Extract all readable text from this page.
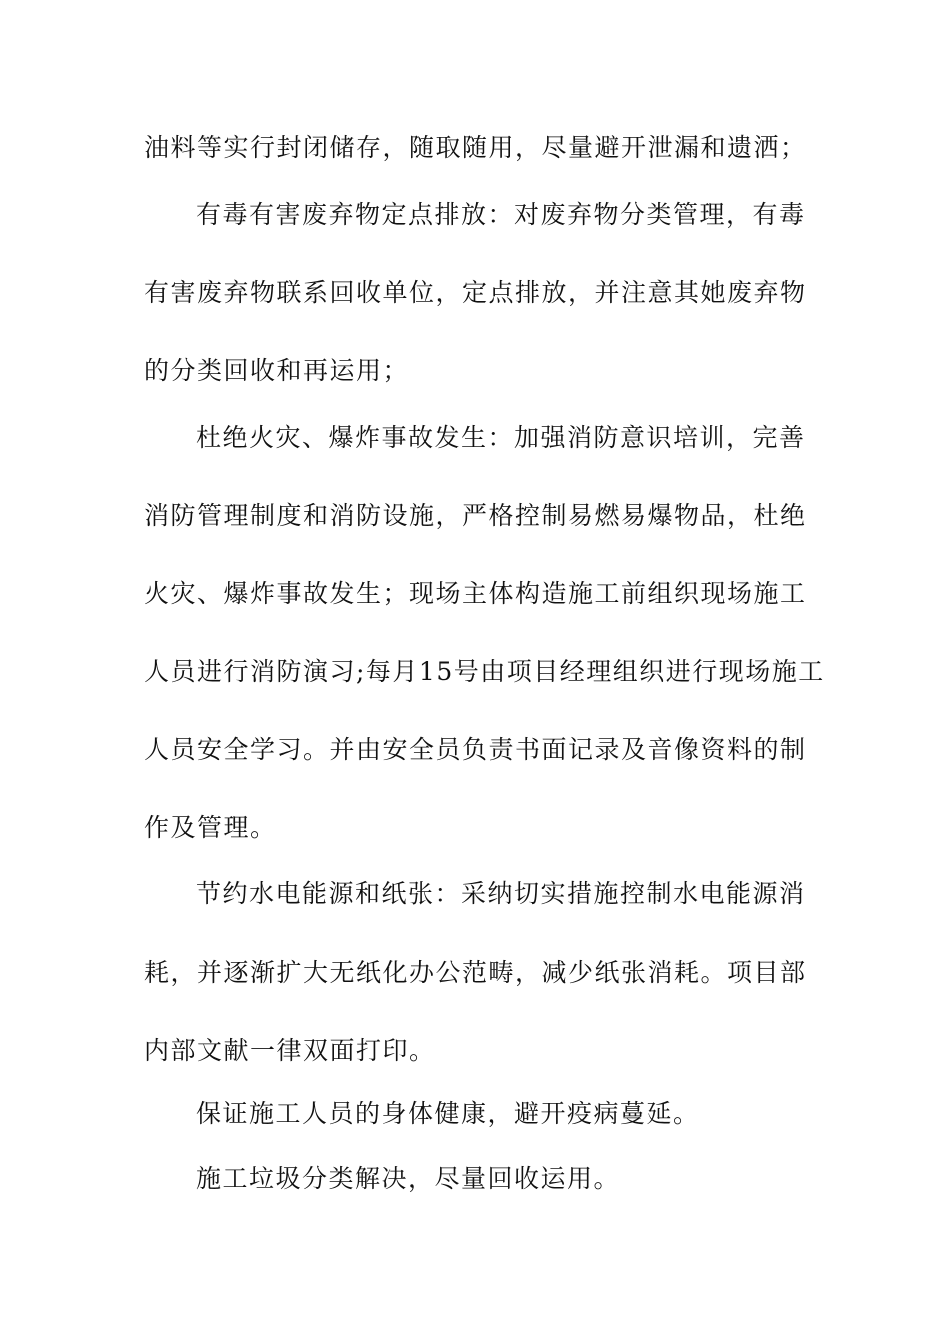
油料等实行封闭储存，随取随用，尽量避开泄漏和遗洒；
有毒有害废弃物定点排放：对废弃物分类管理，有毒
有害废弃物联系回收单位，定点排放，并注意其她废弃物
的分类回收和再运用；
杜绝火灾、爆炸事故发生：加强消防意识培训，完善
消防管理制度和消防设施，严格控制易燃易爆物品，杜绝
火灾、爆炸事故发生；现场主体构造施工前组织现场施工
人员进行消防演习;每月15号由项目经理组织进行现场施工
人员安全学习。并由安全员负责书面记录及音像资料的制
作及管理。
节约水电能源和纸张：采纳切实措施控制水电能源消
耗，并逐渐扩大无纸化办公范畴，减少纸张消耗。项目部
内部文献一律双面打印。
保证施工人员的身体健康，避开疫病蔓延。
施工垃圾分类解决，尽量回收运用。
